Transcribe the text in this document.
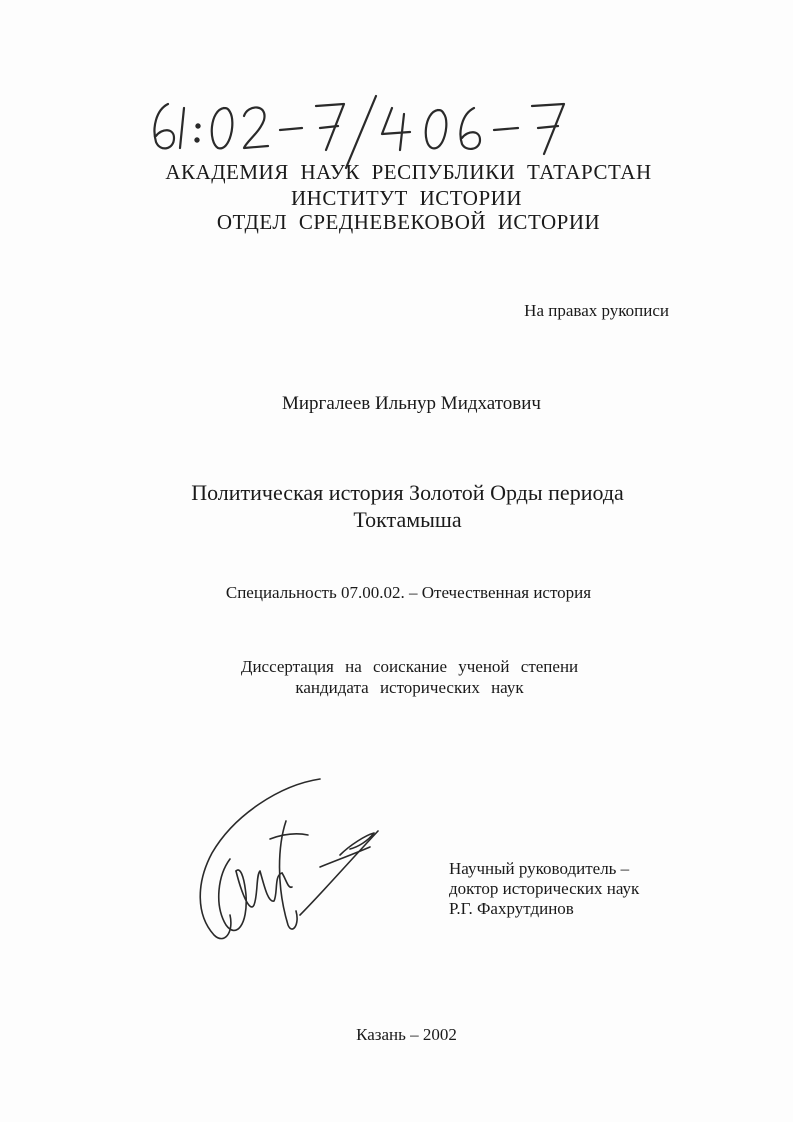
АКАДЕМИЯ НАУК РЕСПУБЛИКИ ТАТАРСТАН
ИНСТИТУТ ИСТОРИИ
ОТДЕЛ СРЕДНЕВЕКОВОЙ ИСТОРИИ
На правах рукописи
Миргалеев Ильнур Мидхатович
Политическая история Золотой Орды периода
Токтамыша
Специальность 07.00.02. – Отечественная история
Диссертация на соискание ученой степени
кандидата исторических наук
Научный руководитель –
доктор исторических наук
Р.Г. Фахрутдинов
Казань – 2002
